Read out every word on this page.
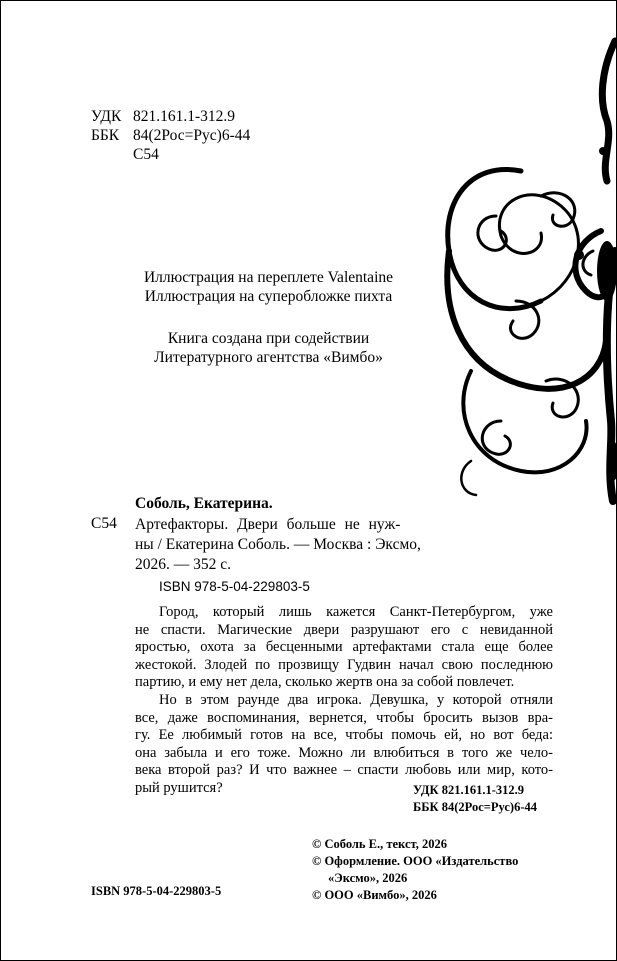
УДК 821.161.1-312.9
ББК 84(2Рос=Рус)6-44
С54
Иллюстрация на переплете Valentaine
Иллюстрация на суперобложке пихта
Книга создана при содействии
Литературного агентства «Вимбо»
Соболь, Екатерина.
С54 Артефакторы. Двери больше не нуж-
ны / Екатерина Соболь. — Москва : Эксмо,
2026. — 352 с.
ISBN 978-5-04-229803-5
Город, который лишь кажется Санкт-Петербургом, уже
не спасти. Магические двери разрушают его с невиданной
яростью, охота за бесценными артефактами стала еще более
жестокой. Злодей по прозвищу Гудвин начал свою последнюю
партию, и ему нет дела, сколько жертв она за собой повлечет.
Но в этом раунде два игрока. Девушка, у которой отняли
все, даже воспоминания, вернется, чтобы бросить вызов вра-
гу. Ее любимый готов на все, чтобы помочь ей, но вот беда:
она забыла и его тоже. Можно ли влюбиться в того же чело-
века второй раз? И что важнее – спасти любовь или мир, кото-
рый рушится?	УДК 821.161.1-312.9
ББК 84(2Рос=Рус)6-44
© Соболь Е., текст, 2026
© Оформление. ООО «Издательство
«Эксмо», 2026
© ООО «Вимбо», 2026
ISBN 978-5-04-229803-5
